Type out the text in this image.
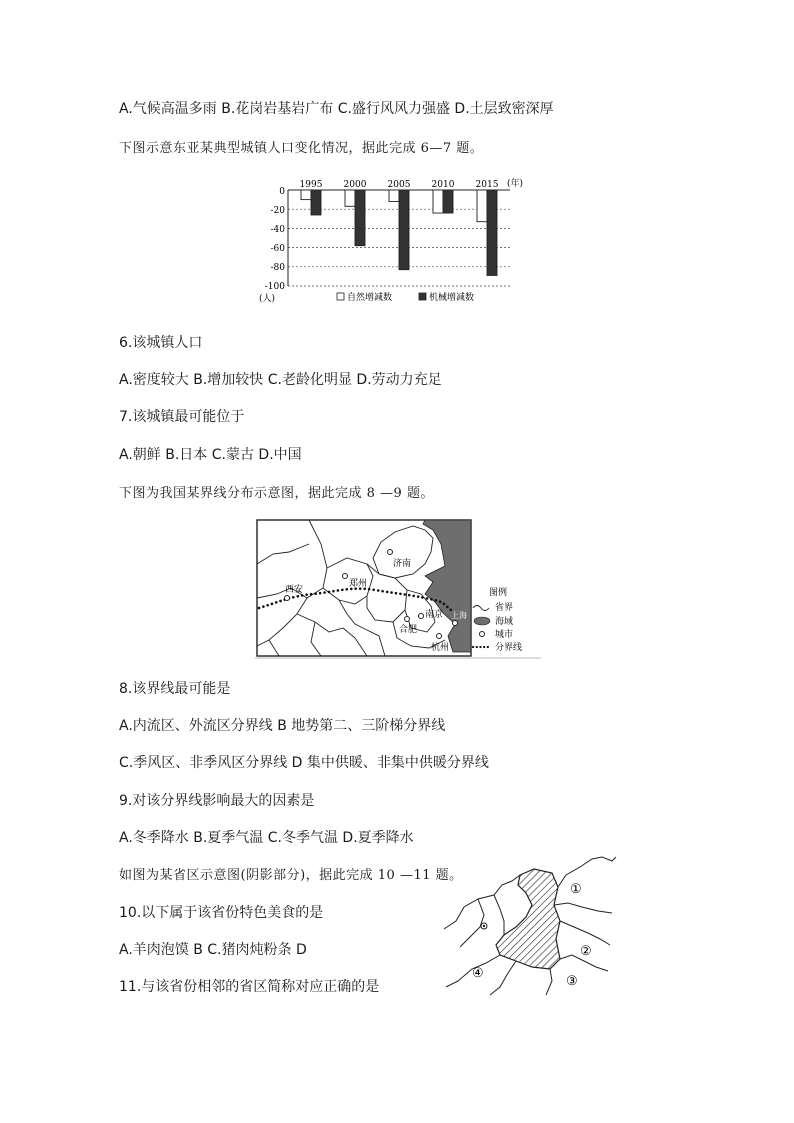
A.气候高温多雨 B.花岗岩基岩广布 C.盛行风风力强盛 D.土层致密深厚
下图示意东亚某典型城镇人口变化情况，据此完成 6—7 题。
0
-20
-40
-60
-80
-100
1995 2000 2005 2010 2015 (年)
(人)	自然增减数	机械增减数
6.该城镇人口
A.密度较大 B.增加较快 C.老龄化明显 D.劳动力充足
7.该城镇最可能位于
A.朝鲜 B.日本 C.蒙古 D.中国
下图为我国某界线分布示意图，据此完成 8 —9 题。
济南
郑州
西安
南京 上海
合肥
杭州
图例
省界
海域
城市
分界线
8.该界线最可能是
A.内流区、外流区分界线 B 地势第二、三阶梯分界线
C.季风区、非季风区分界线 D 集中供暖、非集中供暖分界线
9.对该分界线影响最大的因素是
A.冬季降水 B.夏季气温 C.冬季气温 D.夏季降水
如图为某省区示意图(阴影部分)，据此完成 10 —11 题。
10.以下属于该省份特色美食的是
A.羊肉泡馍 B C.猪肉炖粉条 D
11.与该省份相邻的省区简称对应正确的是
①
②
③
④
